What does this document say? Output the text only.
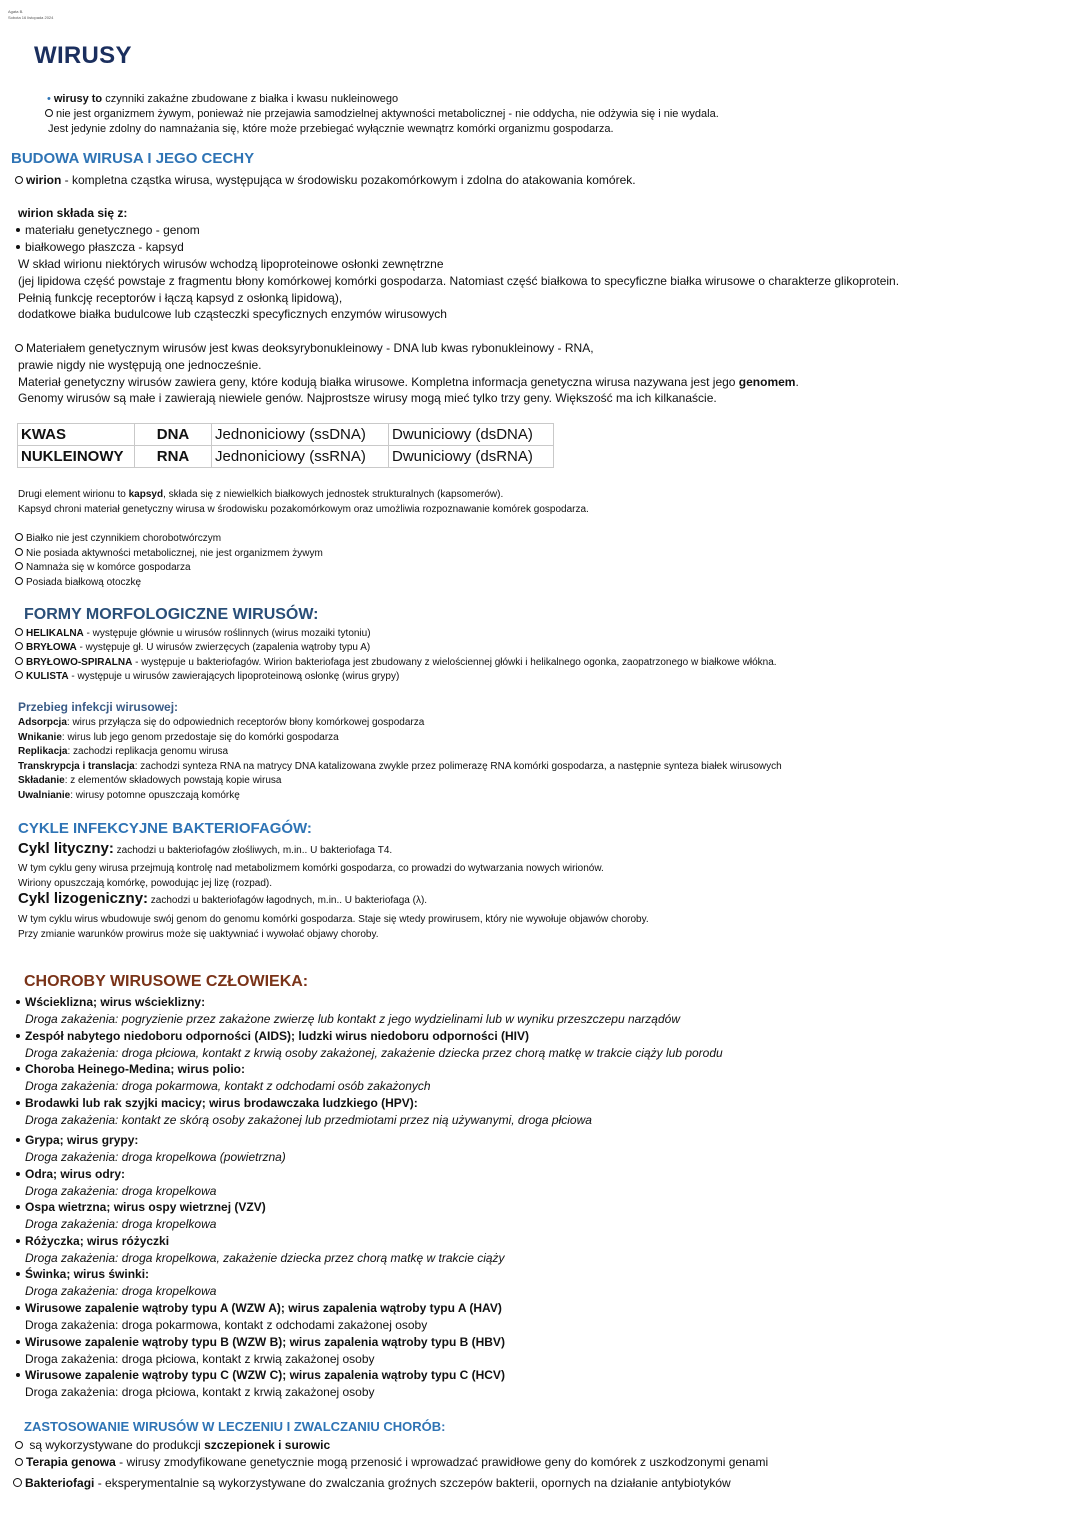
Agata B.
Sobota 16 listopada 2024
WIRUSY
• wirusy to czynniki zakaźne zbudowane z białka i kwasu nukleinowego
nie jest organizmem żywym, ponieważ nie przejawia samodzielnej aktywności metabolicznej - nie oddycha, nie odżywia się i nie wydala.
Jest jedynie zdolny do namnażania się, które może przebiegać wyłącznie wewnątrz komórki organizmu gospodarza.
BUDOWA WIRUSA I JEGO CECHY
wirion - kompletna cząstka wirusa, występująca w środowisku pozakomórkowym i zdolna do atakowania komórek.
wirion składa się z:
materiału genetycznego - genom
białkowego płaszcza - kapsyd
W skład wirionu niektórych wirusów wchodzą lipoproteinowe osłonki zewnętrzne
(jej lipidowa część powstaje z fragmentu błony komórkowej komórki gospodarza. Natomiast część białkowa to specyficzne białka wirusowe o charakterze glikoprotein.
Pełnią funkcję receptorów i łączą kapsyd z osłonką lipidową),
dodatkowe białka budulcowe lub cząsteczki specyficznych enzymów wirusowych
Materiałem genetycznym wirusów jest kwas deoksyrybonukleinowy - DNA lub kwas rybonukleinowy - RNA,
prawie nigdy nie występują one jednocześnie.
Materiał genetyczny wirusów zawiera geny, które kodują białka wirusowe. Kompletna informacja genetyczna wirusa nazywana jest jego genomem.
Genomy wirusów są małe i zawierają niewiele genów. Najprostsze wirusy mogą mieć tylko trzy geny. Większość ma ich kilkanaście.
KWAS	DNA	Jednoniciowy (ssDNA)	Dwuniciowy (dsDNA)
NUKLEINOWY	RNA	Jednoniciowy (ssRNA)	Dwuniciowy (dsRNA)
Drugi element wirionu to kapsyd, składa się z niewielkich białkowych jednostek strukturalnych (kapsomerów).
Kapsyd chroni materiał genetyczny wirusa w środowisku pozakomórkowym oraz umożliwia rozpoznawanie komórek gospodarza.
Białko nie jest czynnikiem chorobotwórczym
Nie posiada aktywności metabolicznej, nie jest organizmem żywym
Namnaża się w komórce gospodarza
Posiada białkową otoczkę
FORMY MORFOLOGICZNE WIRUSÓW:
HELIKALNA - występuje głównie u wirusów roślinnych (wirus mozaiki tytoniu)
BRYŁOWA - występuje gł. U wirusów zwierzęcych (zapalenia wątroby typu A)
BRYŁOWO-SPIRALNA - występuje u bakteriofagów. Wirion bakteriofaga jest zbudowany z wielościennej główki i helikalnego ogonka, zaopatrzonego w białkowe włókna.
KULISTA - występuje u wirusów zawierających lipoproteinową osłonkę (wirus grypy)
Przebieg infekcji wirusowej:
Adsorpcja: wirus przyłącza się do odpowiednich receptorów błony komórkowej gospodarza
Wnikanie: wirus lub jego genom przedostaje się do komórki gospodarza
Replikacja: zachodzi replikacja genomu wirusa
Transkrypcja i translacja: zachodzi synteza RNA na matrycy DNA katalizowana zwykle przez polimerazę RNA komórki gospodarza, a następnie synteza białek wirusowych
Składanie: z elementów składowych powstają kopie wirusa
Uwalnianie: wirusy potomne opuszczają komórkę
CYKLE INFEKCYJNE BAKTERIOFAGÓW:
Cykl lityczny: zachodzi u bakteriofagów złośliwych, m.in.. U bakteriofaga T4.
W tym cyklu geny wirusa przejmują kontrolę nad metabolizmem komórki gospodarza, co prowadzi do wytwarzania nowych wirionów.
Wiriony opuszczają komórkę, powodując jej lizę (rozpad).
Cykl lizogeniczny: zachodzi u bakteriofagów łagodnych, m.in.. U bakteriofaga (λ).
W tym cyklu wirus wbudowuje swój genom do genomu komórki gospodarza. Staje się wtedy prowirusem, który nie wywołuje objawów choroby.
Przy zmianie warunków prowirus może się uaktywniać i wywołać objawy choroby.
CHOROBY WIRUSOWE CZŁOWIEKA:
Wścieklizna; wirus wścieklizny:
Droga zakażenia: pogryzienie przez zakażone zwierzę lub kontakt z jego wydzielinami lub w wyniku przeszczepu narządów
Zespół nabytego niedoboru odporności (AIDS); ludzki wirus niedoboru odporności (HIV)
Droga zakażenia: droga płciowa, kontakt z krwią osoby zakażonej, zakażenie dziecka przez chorą matkę w trakcie ciąży lub porodu
Choroba Heinego-Medina; wirus polio:
Droga zakażenia: droga pokarmowa, kontakt z odchodami osób zakażonych
Brodawki lub rak szyjki macicy; wirus brodawczaka ludzkiego (HPV):
Droga zakażenia: kontakt ze skórą osoby zakażonej lub przedmiotami przez nią używanymi, droga płciowa
Grypa; wirus grypy:
Droga zakażenia: droga kropelkowa (powietrzna)
Odra; wirus odry:
Droga zakażenia: droga kropelkowa
Ospa wietrzna; wirus ospy wietrznej (VZV)
Droga zakażenia: droga kropelkowa
Różyczka; wirus różyczki
Droga zakażenia: droga kropelkowa, zakażenie dziecka przez chorą matkę w trakcie ciąży
Świnka; wirus świnki:
Droga zakażenia: droga kropelkowa
Wirusowe zapalenie wątroby typu A (WZW A); wirus zapalenia wątroby typu A (HAV)
Droga zakażenia: droga pokarmowa, kontakt z odchodami zakażonej osoby
Wirusowe zapalenie wątroby typu B (WZW B); wirus zapalenia wątroby typu B (HBV)
Droga zakażenia: droga płciowa, kontakt z krwią zakażonej osoby
Wirusowe zapalenie wątroby typu C (WZW C); wirus zapalenia wątroby typu C (HCV)
Droga zakażenia: droga płciowa, kontakt z krwią zakażonej osoby
ZASTOSOWANIE WIRUSÓW W LECZENIU I ZWALCZANIU CHORÓB:
są wykorzystywane do produkcji szczepionek i surowic
Terapia genowa - wirusy zmodyfikowane genetycznie mogą przenosić i wprowadzać prawidłowe geny do komórek z uszkodzonymi genami
Bakteriofagi - eksperymentalnie są wykorzystywane do zwalczania groźnych szczepów bakterii, opornych na działanie antybiotyków
